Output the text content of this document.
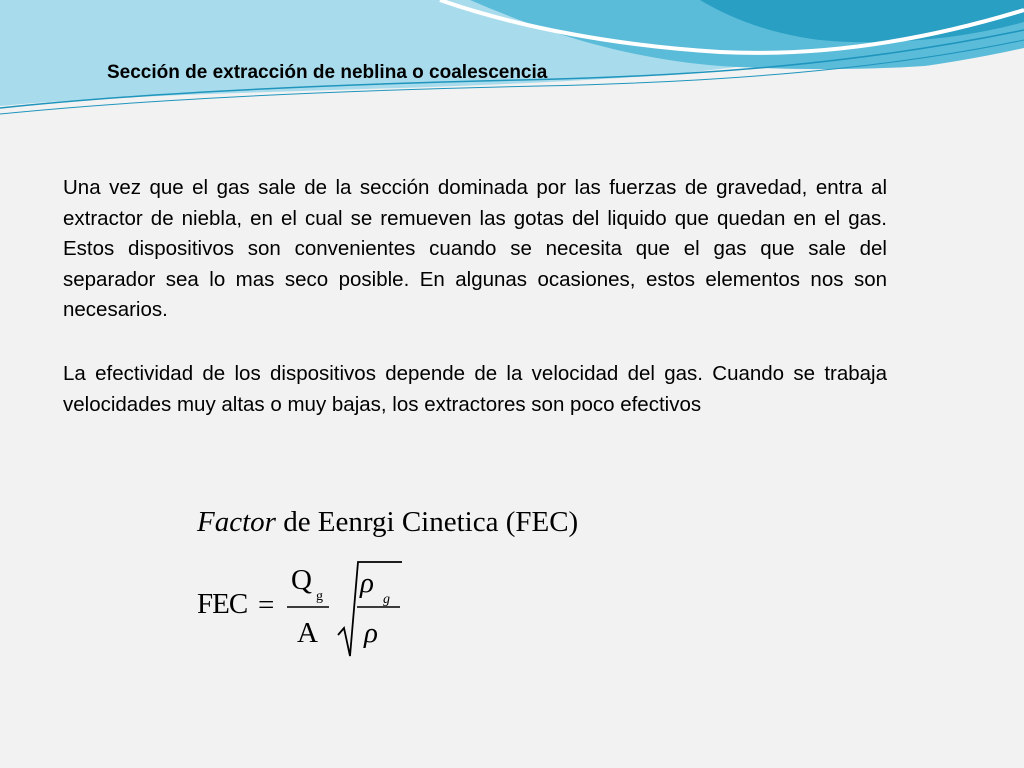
Sección de extracción de neblina o coalescencia

Una vez que el gas sale de la sección dominada por las fuerzas de gravedad, entra al extractor de niebla, en el cual se remueven las gotas del liquido que quedan en el gas. Estos dispositivos son convenientes cuando se necesita que el gas que sale del separador sea lo mas seco posible. En algunas ocasiones, estos elementos nos son necesarios.

La efectividad de los dispositivos depende de la velocidad del gas. Cuando se trabaja velocidades muy altas o muy bajas, los extractores son poco efectivos

Factor de Eenrgi Cinetica (FEC)
FEC =
Q
g
A
ρ
g
ρ
